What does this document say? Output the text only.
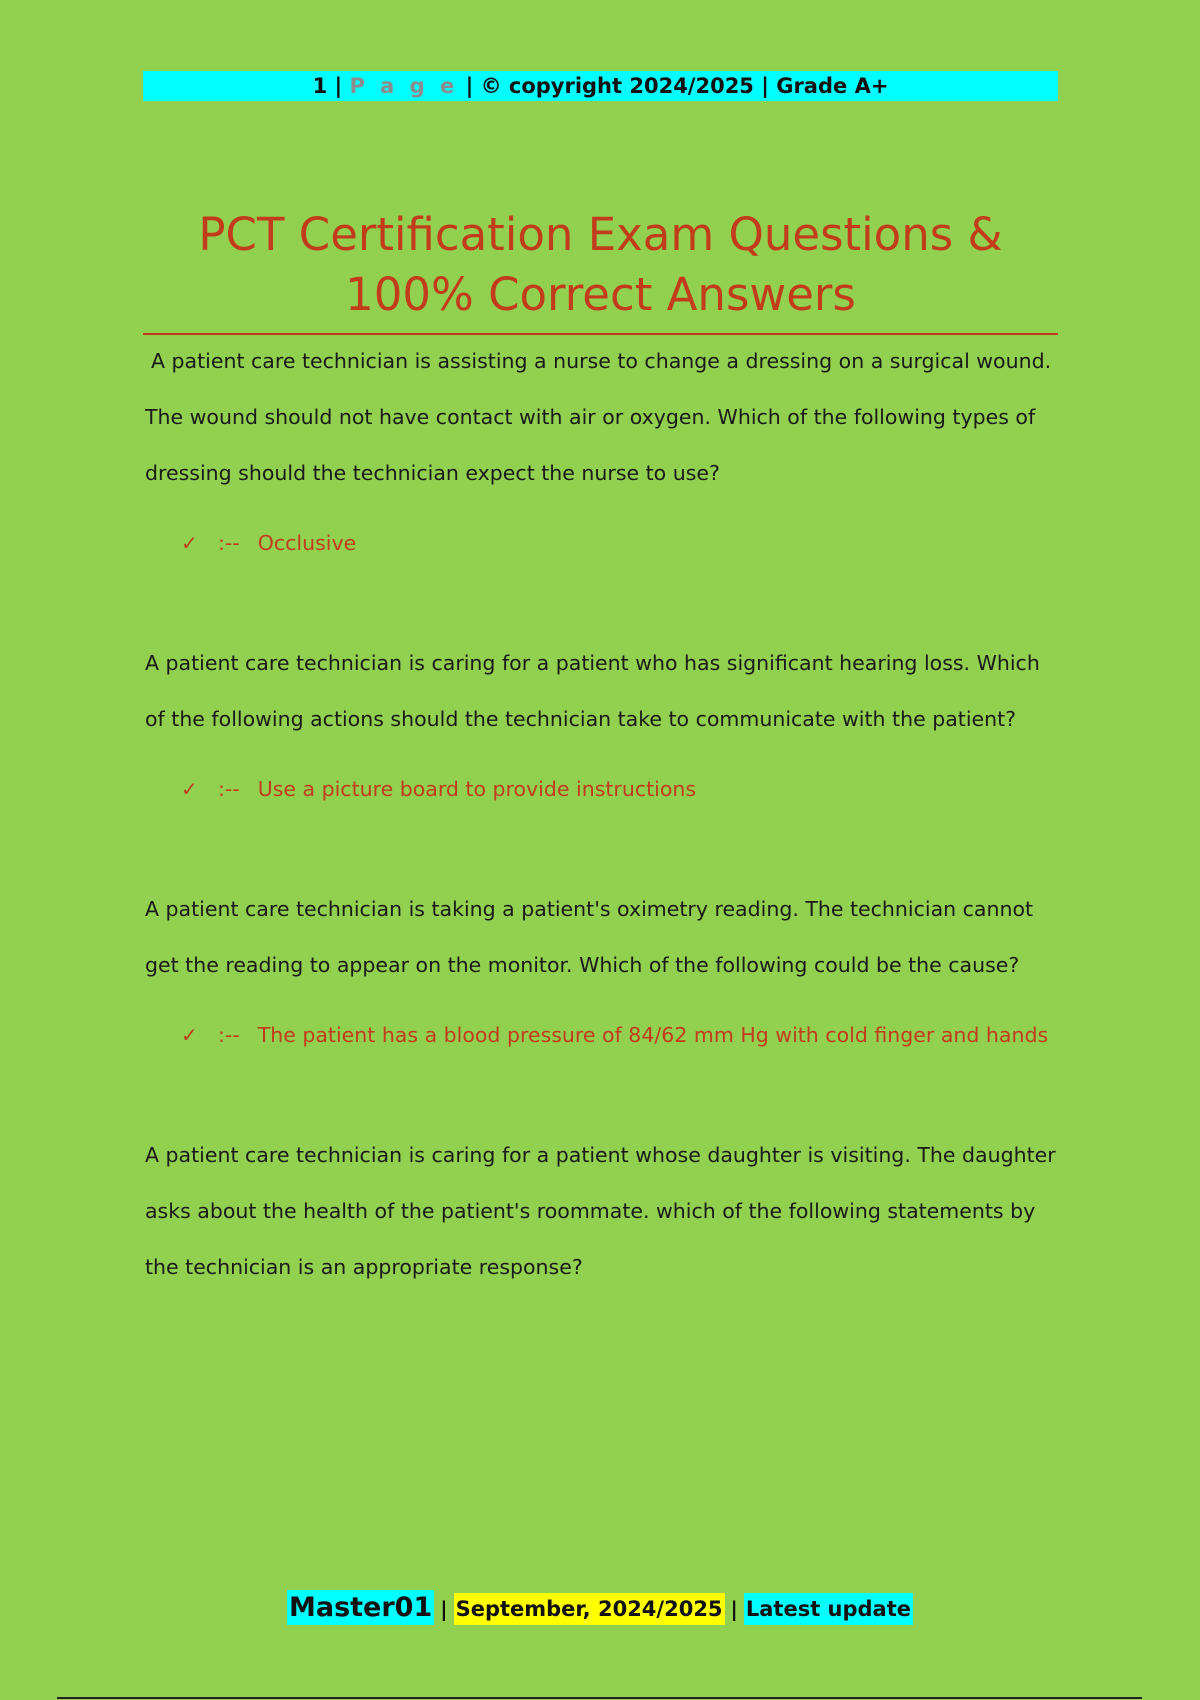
1 | P a g e | © copyright 2024/2025 | Grade A+
PCT Certification Exam Questions &
100% Correct Answers

A patient care technician is assisting a nurse to change a dressing on a surgical wound. The wound should not have contact with air or oxygen. Which of the following types of dressing should the technician expect the nurse to use?

✓ :-- Occlusive

A patient care technician is caring for a patient who has significant hearing loss. Which of the following actions should the technician take to communicate with the patient?

✓ :-- Use a picture board to provide instructions

A patient care technician is taking a patient's oximetry reading. The technician cannot get the reading to appear on the monitor. Which of the following could be the cause?

✓ :-- The patient has a blood pressure of 84/62 mm Hg with cold finger and hands

A patient care technician is caring for a patient whose daughter is visiting. The daughter asks about the health of the patient's roommate. which of the following statements by the technician is an appropriate response?

Master01 | September, 2024/2025 | Latest update
